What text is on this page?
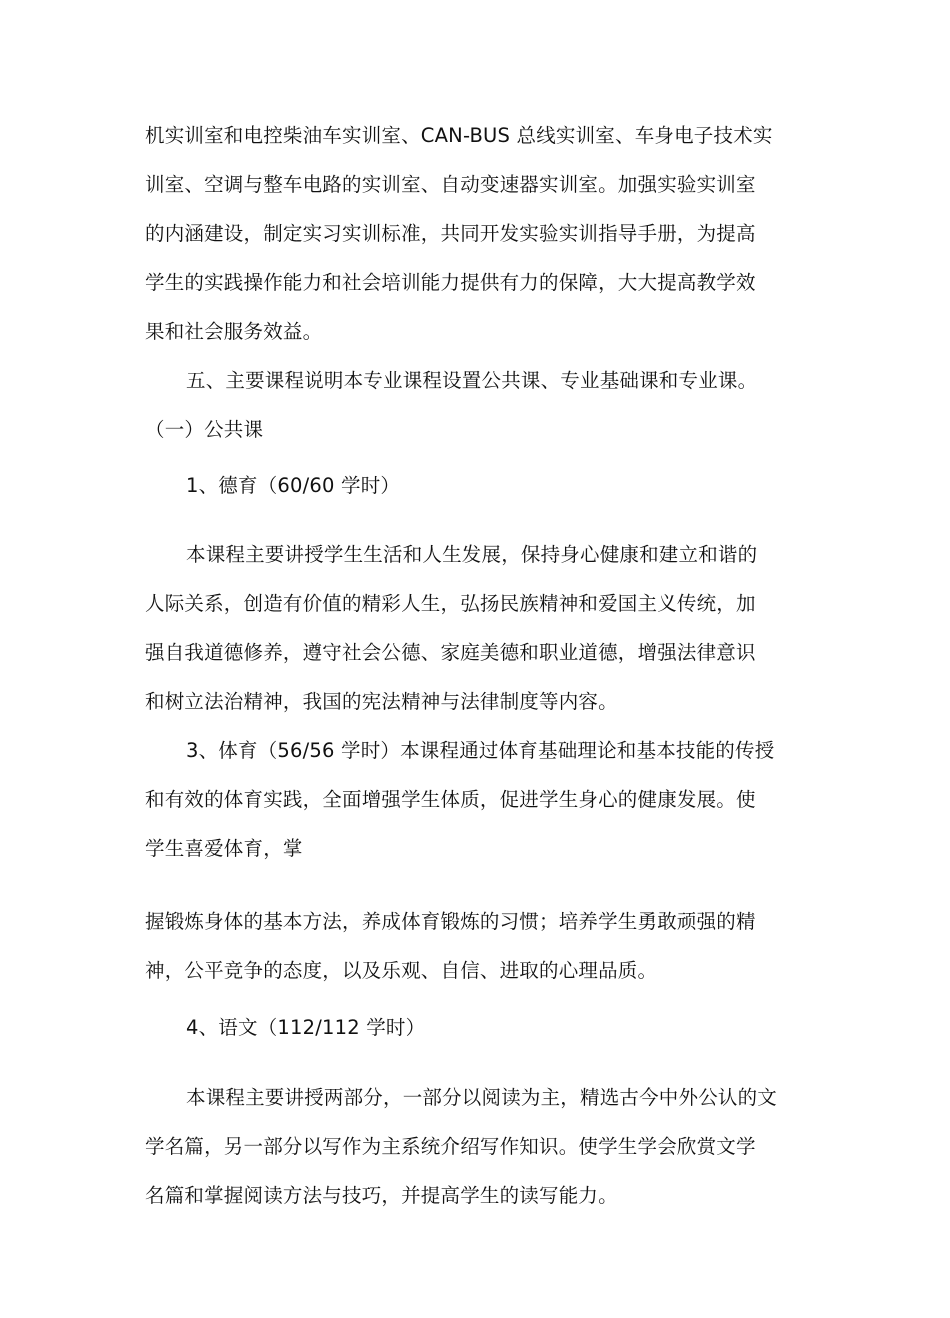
机实训室和电控柴油车实训室、CAN-BUS 总线实训室、车身电子技术实
训室、空调与整车电路的实训室、自动变速器实训室。加强实验实训室
的内涵建设，制定实习实训标准，共同开发实验实训指导手册，为提高
学生的实践操作能力和社会培训能力提供有力的保障，大大提高教学效
果和社会服务效益。
五、主要课程说明本专业课程设置公共课、专业基础课和专业课。
（一）公共课
1、德育（60/60 学时）
本课程主要讲授学生生活和人生发展，保持身心健康和建立和谐的
人际关系，创造有价值的精彩人生，弘扬民族精神和爱国主义传统，加
强自我道德修养，遵守社会公德、家庭美德和职业道德，增强法律意识
和树立法治精神，我国的宪法精神与法律制度等内容。
3、体育（56/56 学时）本课程通过体育基础理论和基本技能的传授
和有效的体育实践，全面增强学生体质，促进学生身心的健康发展。使
学生喜爱体育，掌
握锻炼身体的基本方法，养成体育锻炼的习惯；培养学生勇敢顽强的精
神，公平竞争的态度，以及乐观、自信、进取的心理品质。
4、语文（112/112 学时）
本课程主要讲授两部分，一部分以阅读为主，精选古今中外公认的文
学名篇，另一部分以写作为主系统介绍写作知识。使学生学会欣赏文学
名篇和掌握阅读方法与技巧，并提高学生的读写能力。
